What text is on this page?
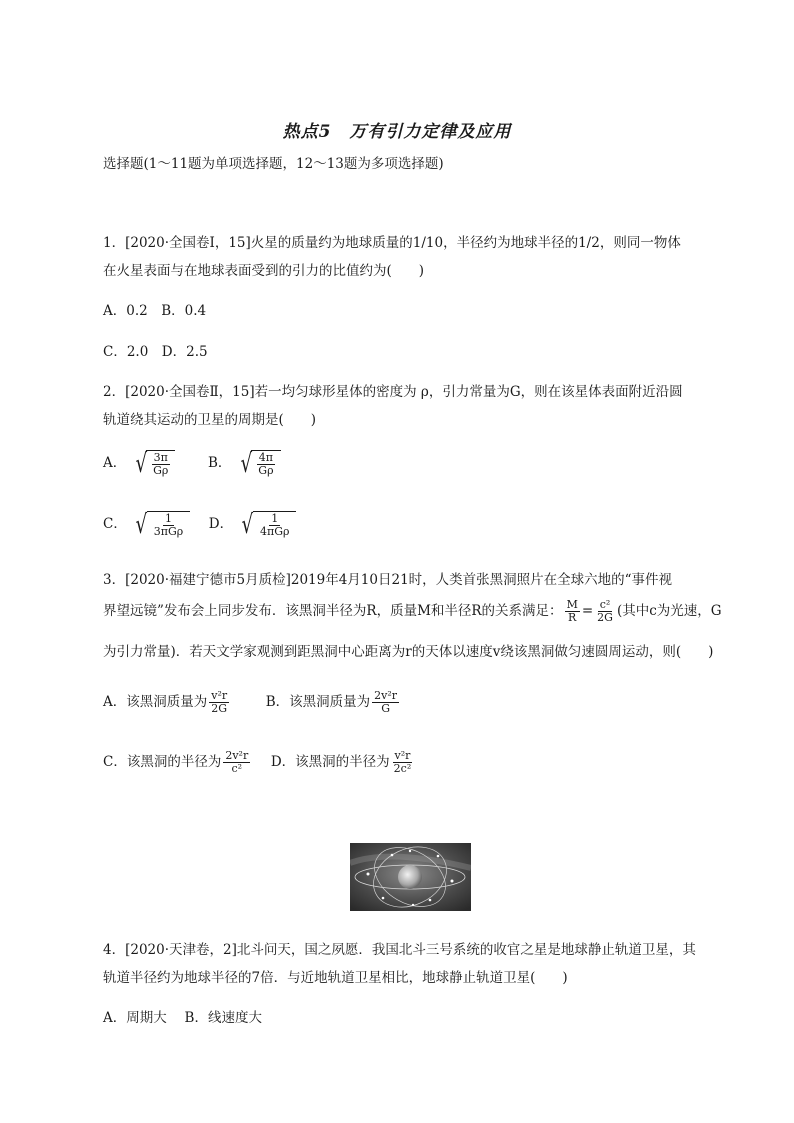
热点5　万有引力定律及应用
选择题(1～11题为单项选择题，12～13题为多项选择题)
1．[2020·全国卷Ⅰ，15]火星的质量约为地球质量的1/10，半径约为地球半径的1/2，则同一物体
在火星表面与在地球表面受到的引力的比值约为(　　)
A．0.2　B．0.4
C．2.0　D．2.5
2．[2020·全国卷Ⅱ，15]若一均匀球形星体的密度为 ρ，引力常量为G，则在该星体表面附近沿圆
轨道绕其运动的卫星的周期是(　　)
A． √ $\frac{3\pi}{G\rho}$	B． √ $\frac{4\pi}{G\rho}$
C． √ $\frac{1}{\text{3πGρ}}$ D． √ $\frac{1}{\text{4πGρ}}$
3．[2020·福建宁德市5月质检]2019年4月10日21时，人类首张黑洞照片在全球六地的“事件视
界望远镜”发布会上同步发布．该黑洞半径为R，质量M和半径R的关系满足： $\frac{M}{R} = \frac{\text{c²}}{2G}$ (其中c为光速，G
为引力常量)．若天文学家观测到距黑洞中心距离为r的天体以速度v绕该黑洞做匀速圆周运动，则(　　)
A．该黑洞质量为 $\frac{\text{v²r}}{2G}$	B．该黑洞质量为 $\frac{\text{2v²r}}{G}$
C．该黑洞的半径为 $\frac{\text{2v²r}}{\text{c²}}$ D．该黑洞的半径为 $\frac{\text{v²r}}{\text{2c²}}$
4．[2020·天津卷，2]北斗问天，国之夙愿．我国北斗三号系统的收官之星是地球静止轨道卫星，其
轨道半径约为地球半径的7倍．与近地轨道卫星相比，地球静止轨道卫星(　　)
A．周期大　 B．线速度大
